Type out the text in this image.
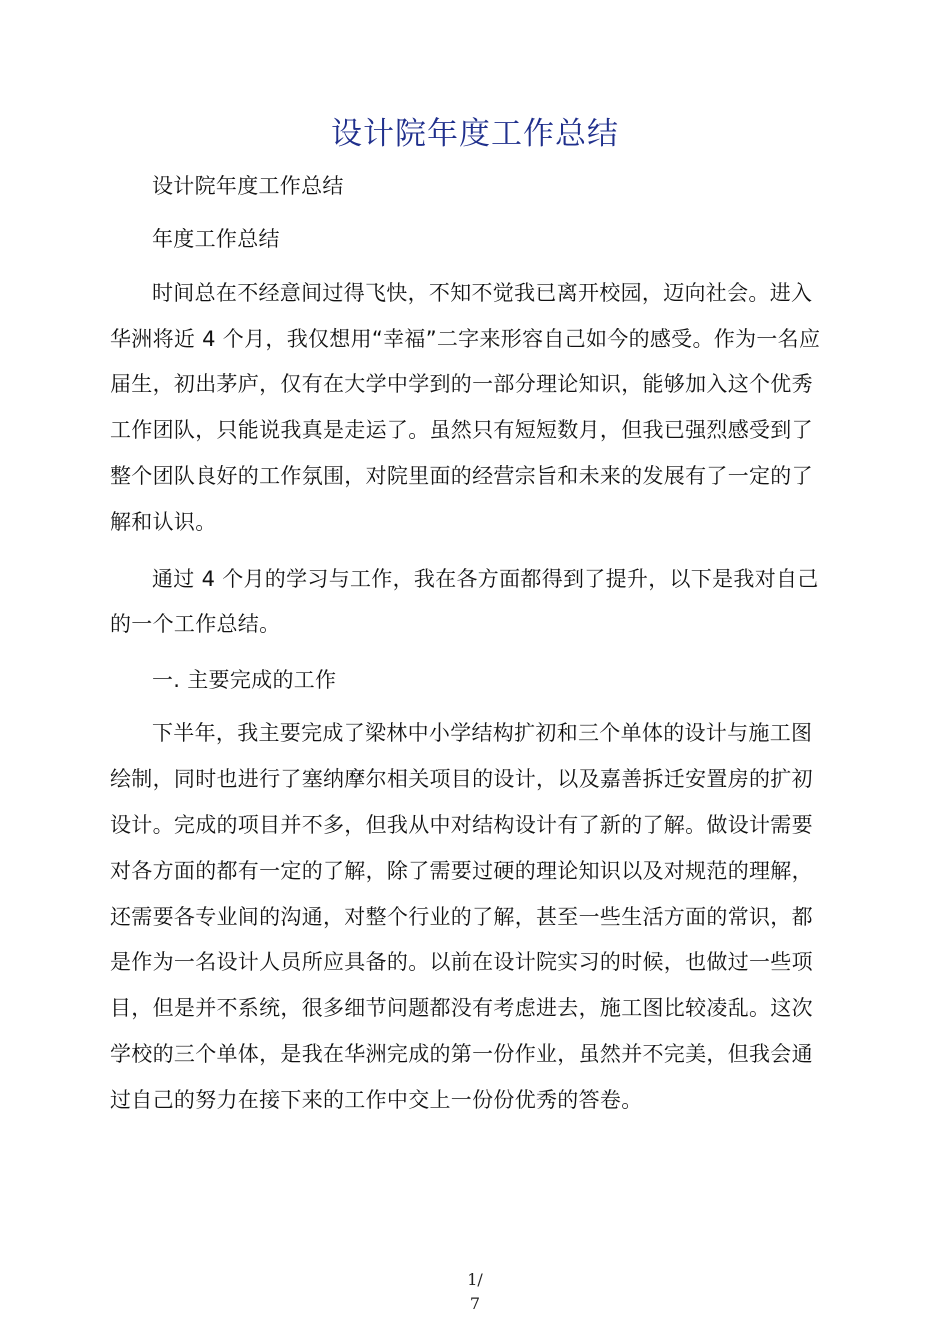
设计院年度工作总结
设计院年度工作总结
年度工作总结
时间总在不经意间过得飞快，不知不觉我已离开校园，迈向社会。进入
华洲将近 4 个月，我仅想用“幸福”二字来形容自己如今的感受。作为一名应
届生，初出茅庐，仅有在大学中学到的一部分理论知识，能够加入这个优秀
工作团队，只能说我真是走运了。虽然只有短短数月，但我已强烈感受到了
整个团队良好的工作氛围，对院里面的经营宗旨和未来的发展有了一定的了
解和认识。
通过 4 个月的学习与工作，我在各方面都得到了提升，以下是我对自己
的一个工作总结。
一. 主要完成的工作
下半年，我主要完成了梁林中小学结构扩初和三个单体的设计与施工图
绘制，同时也进行了塞纳摩尔相关项目的设计，以及嘉善拆迁安置房的扩初
设计。完成的项目并不多，但我从中对结构设计有了新的了解。做设计需要
对各方面的都有一定的了解，除了需要过硬的理论知识以及对规范的理解，
还需要各专业间的沟通，对整个行业的了解，甚至一些生活方面的常识，都
是作为一名设计人员所应具备的。以前在设计院实习的时候，也做过一些项
目，但是并不系统，很多细节问题都没有考虑进去，施工图比较凌乱。这次
学校的三个单体，是我在华洲完成的第一份作业，虽然并不完美，但我会通
过自己的努力在接下来的工作中交上一份份优秀的答卷。
1/
7
